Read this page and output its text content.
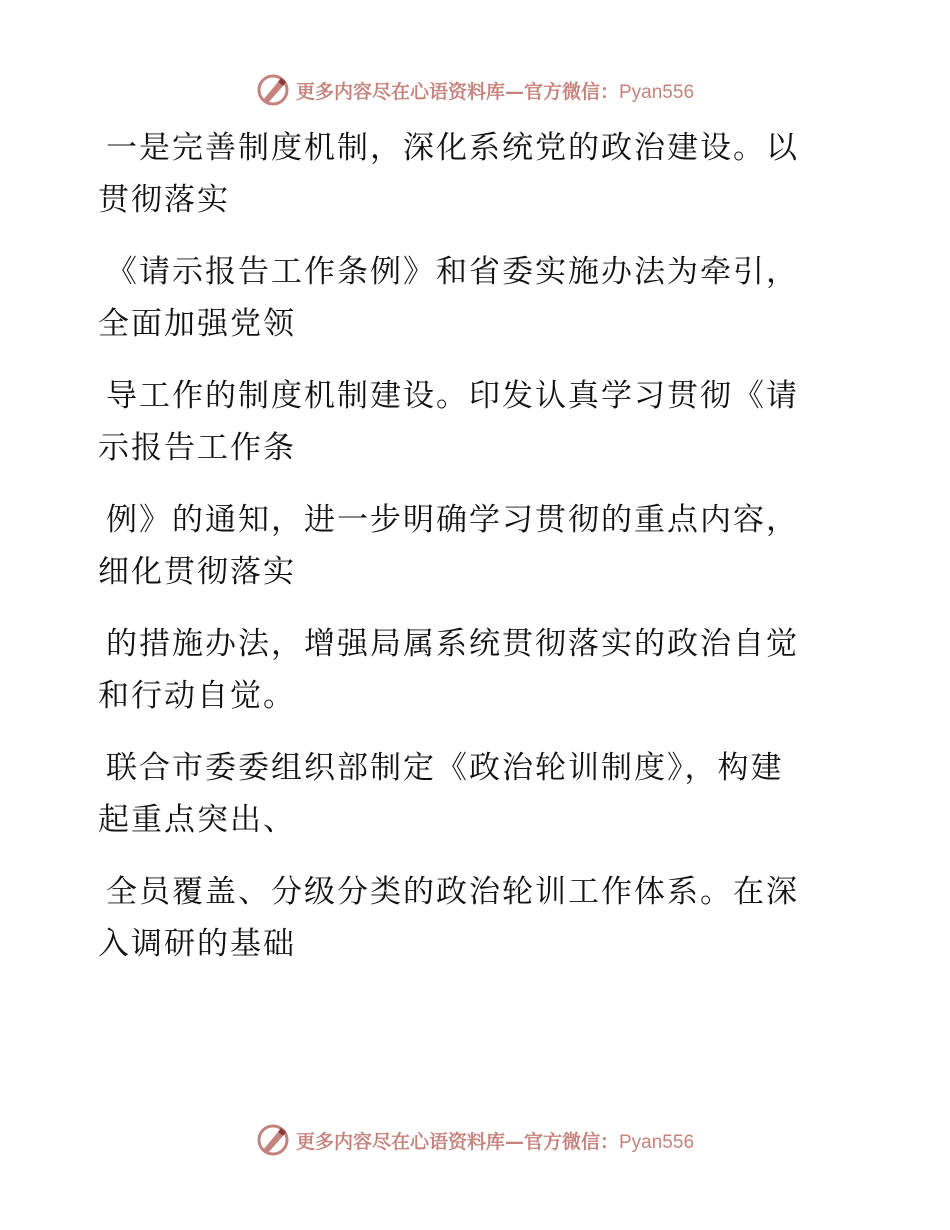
更多内容尽在心语资料库—官方微信：Pyan556
一是完善制度机制，深化系统党的政治建设。以
贯彻落实
《请示报告工作条例》和省委实施办法为牵引，
全面加强党领
导工作的制度机制建设。印发认真学习贯彻《请
示报告工作条
例》的通知，进一步明确学习贯彻的重点内容，
细化贯彻落实
的措施办法，增强局属系统贯彻落实的政治自觉
和行动自觉。
联合市委委组织部制定《政治轮训制度》，构建
起重点突出、
全员覆盖、分级分类的政治轮训工作体系。在深
入调研的基础
更多内容尽在心语资料库—官方微信：Pyan556
